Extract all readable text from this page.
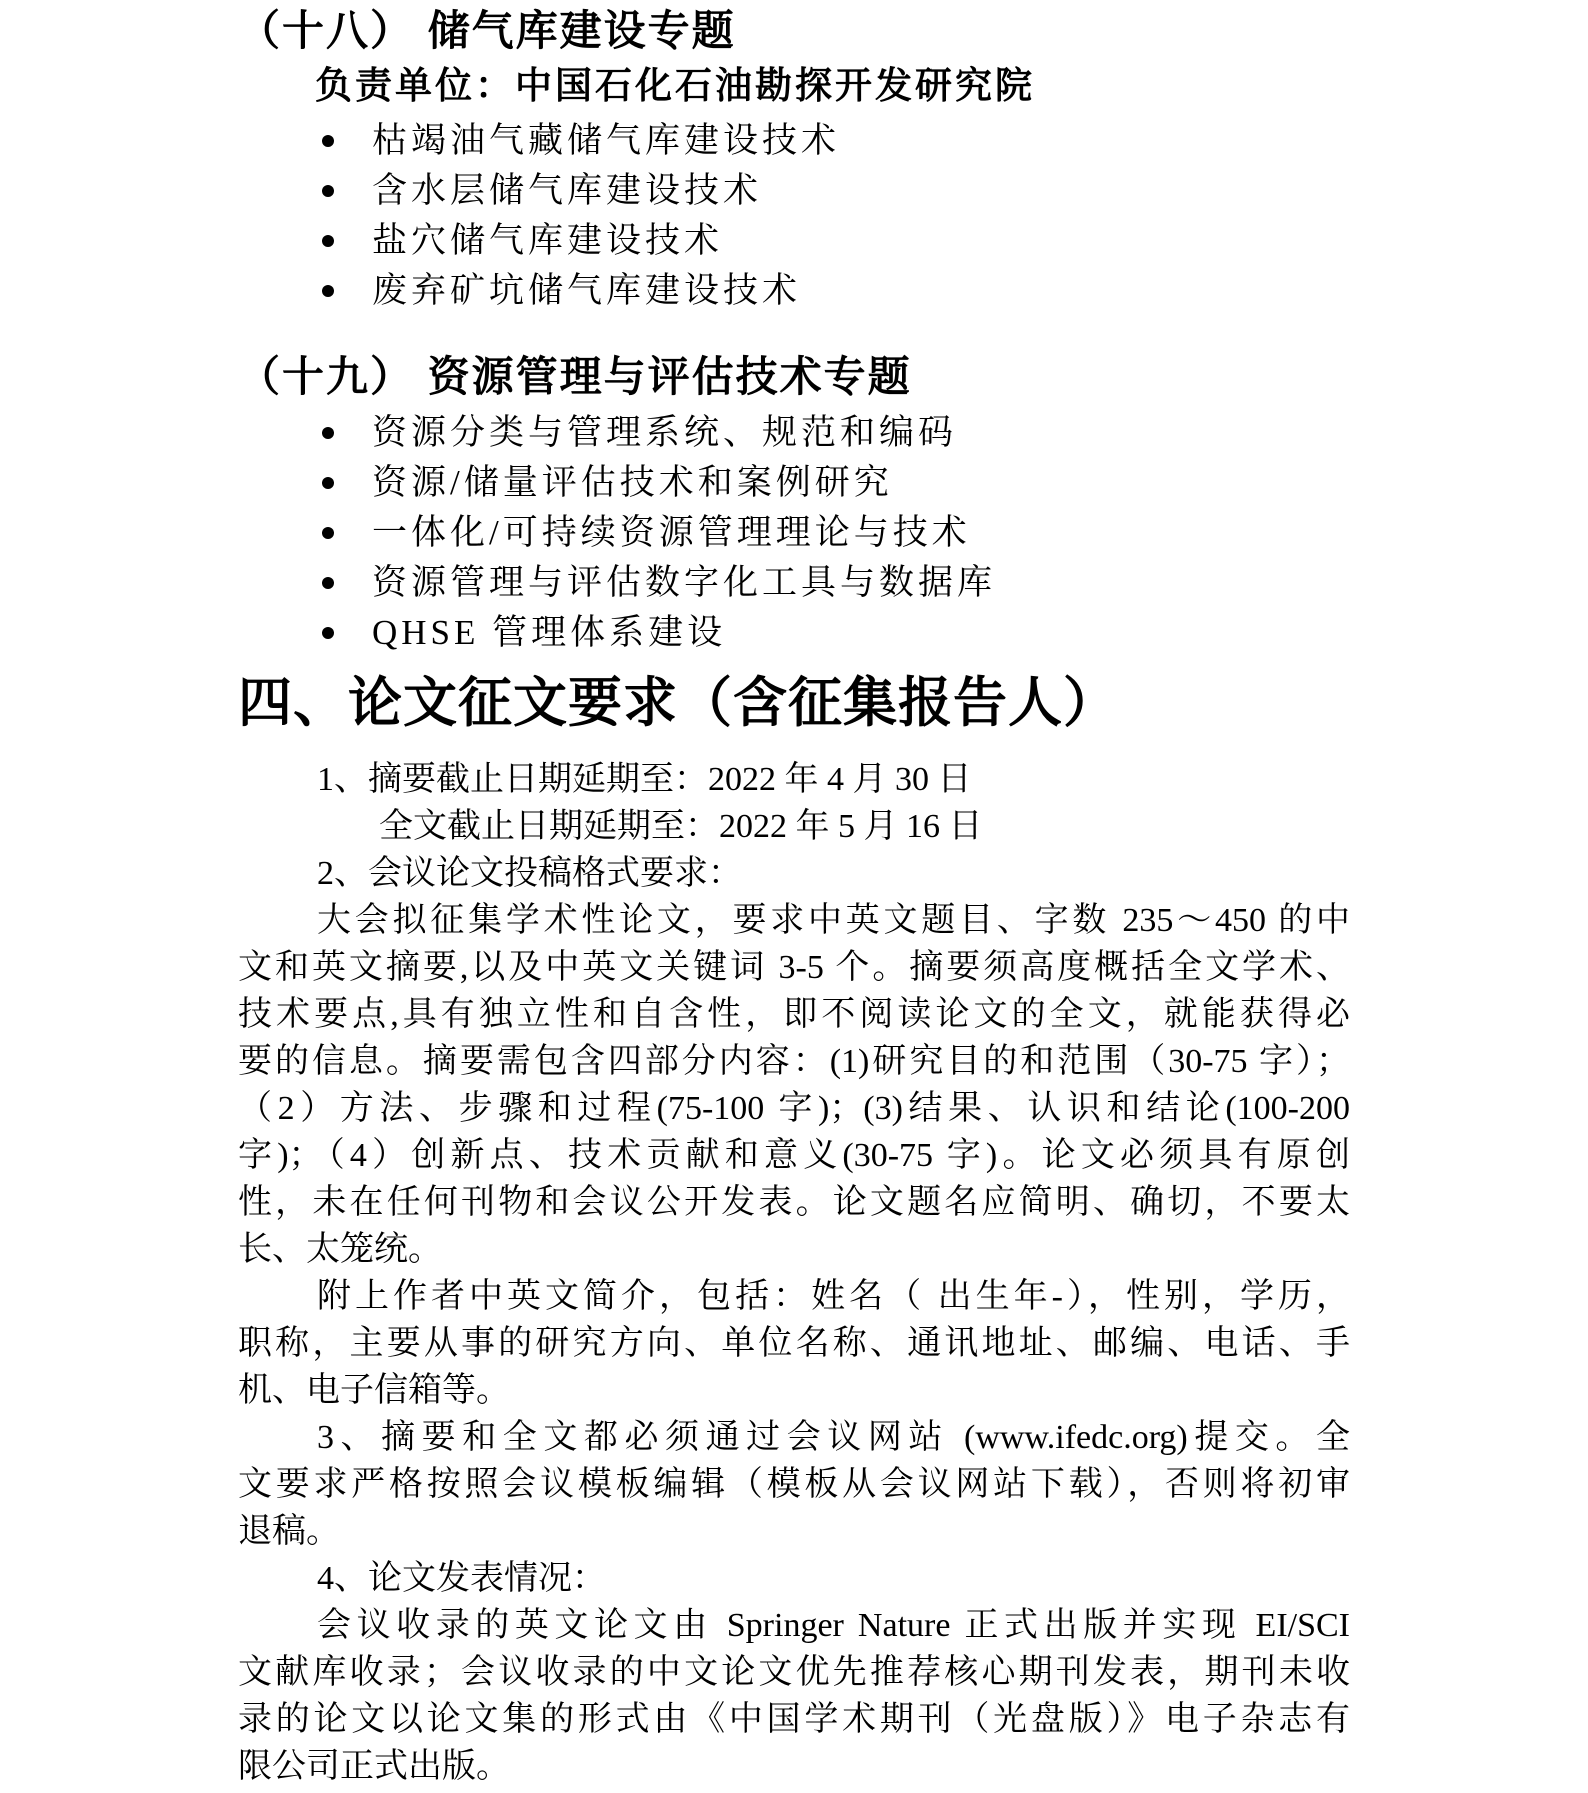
（十八） 储气库建设专题
负责单位：中国石化石油勘探开发研究院
枯竭油气藏储气库建设技术
含水层储气库建设技术
盐穴储气库建设技术
废弃矿坑储气库建设技术
（十九） 资源管理与评估技术专题
资源分类与管理系统、规范和编码
资源/储量评估技术和案例研究
一体化/可持续资源管理理论与技术
资源管理与评估数字化工具与数据库
QHSE 管理体系建设
四、论文征文要求（含征集报告人）
1、摘要截止日期延期至：2022 年 4 月 30 日
全文截止日期延期至：2022 年 5 月 16 日
2、会议论文投稿格式要求：
大会拟征集学术性论文，要求中英文题目、字数 235～450 的中
文和英文摘要,以及中英文关键词 3-5 个。摘要须高度概括全文学术、
技术要点,具有独立性和自含性，即不阅读论文的全文，就能获得必
要的信息。摘要需包含四部分内容：(1)研究目的和范围（30-75 字）；
（2）方法、步骤和过程(75-100 字)；(3)结果、认识和结论(100-200
字)；（4）创新点、技术贡献和意义(30-75 字)。论文必须具有原创
性，未在任何刊物和会议公开发表。论文题名应简明、确切，不要太
长、太笼统。
附上作者中英文简介，包括：姓名（ 出生年-），性别，学历，
职称，主要从事的研究方向、单位名称、通讯地址、邮编、电话、手
机、电子信箱等。
3、摘要和全文都必须通过会议网站 (www.ifedc.org)提交。全
文要求严格按照会议模板编辑（模板从会议网站下载），否则将初审
退稿。
4、论文发表情况：
会议收录的英文论文由 Springer Nature 正式出版并实现 EI/SCI
文献库收录；会议收录的中文论文优先推荐核心期刊发表，期刊未收
录的论文以论文集的形式由《中国学术期刊（光盘版）》电子杂志有
限公司正式出版。
